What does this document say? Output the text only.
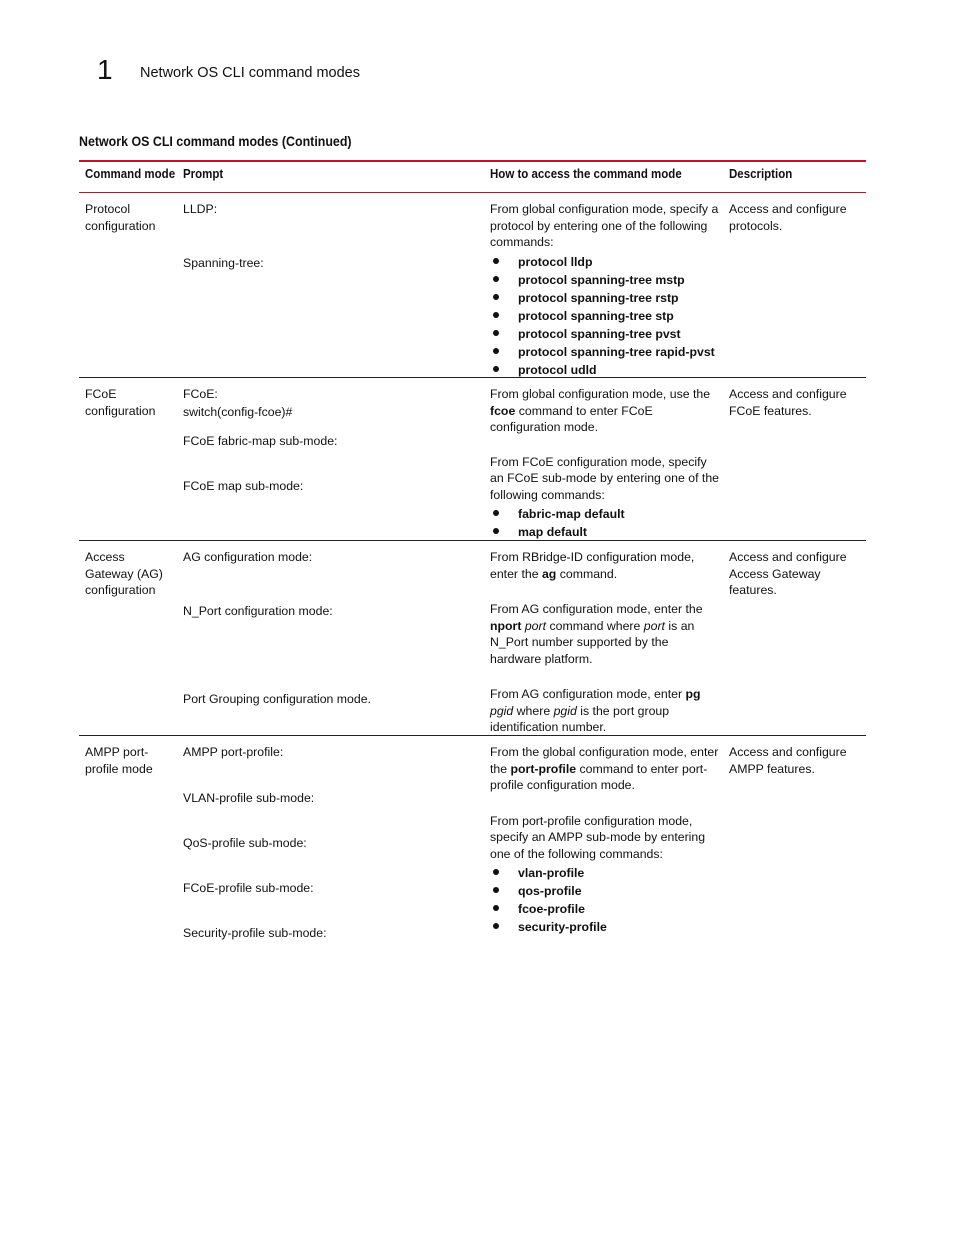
1 Network OS CLI command modes
Network OS CLI command modes (Continued)
Command mode Prompt	How to access the command mode	Description
Protocol configuration
LLDP:
Spanning-tree:

From global configuration mode, specify a protocol by entering one of the following commands:

protocol lldp
protocol spanning-tree mstp
protocol spanning-tree rstp
protocol spanning-tree stp
protocol spanning-tree pvst
protocol spanning-tree rapid-pvst
protocol udld
Access and configure protocols.
FCoE configuration
FCoE:
switch(config-fcoe)#
FCoE fabric-map sub-mode:
FCoE map sub-mode:

From global configuration mode, use the fcoe command to enter FCoE configuration mode.

From FCoE configuration mode, specify an FCoE sub-mode by entering one of the following commands:

fabric-map default
map default
Access and configure FCoE features.
Access Gateway (AG) configuration
AG configuration mode:
N_Port configuration mode:
Port Grouping configuration mode.

From RBridge-ID configuration mode, enter the ag command.

From AG configuration mode, enter the nport port command where port is an N_Port number supported by the hardware platform.

From AG configuration mode, enter pg pgid where pgid is the port group identification number.

Access and configure Access Gateway features.
AMPP port-profile mode
AMPP port-profile:
VLAN-profile sub-mode:
QoS-profile sub-mode:
FCoE-profile sub-mode:
Security-profile sub-mode:

From the global configuration mode, enter the port-profile command to enter port-profile configuration mode.

From port-profile configuration mode, specify an AMPP sub-mode by entering one of the following commands:

vlan-profile
qos-profile
fcoe-profile
security-profile
Access and configure AMPP features.
